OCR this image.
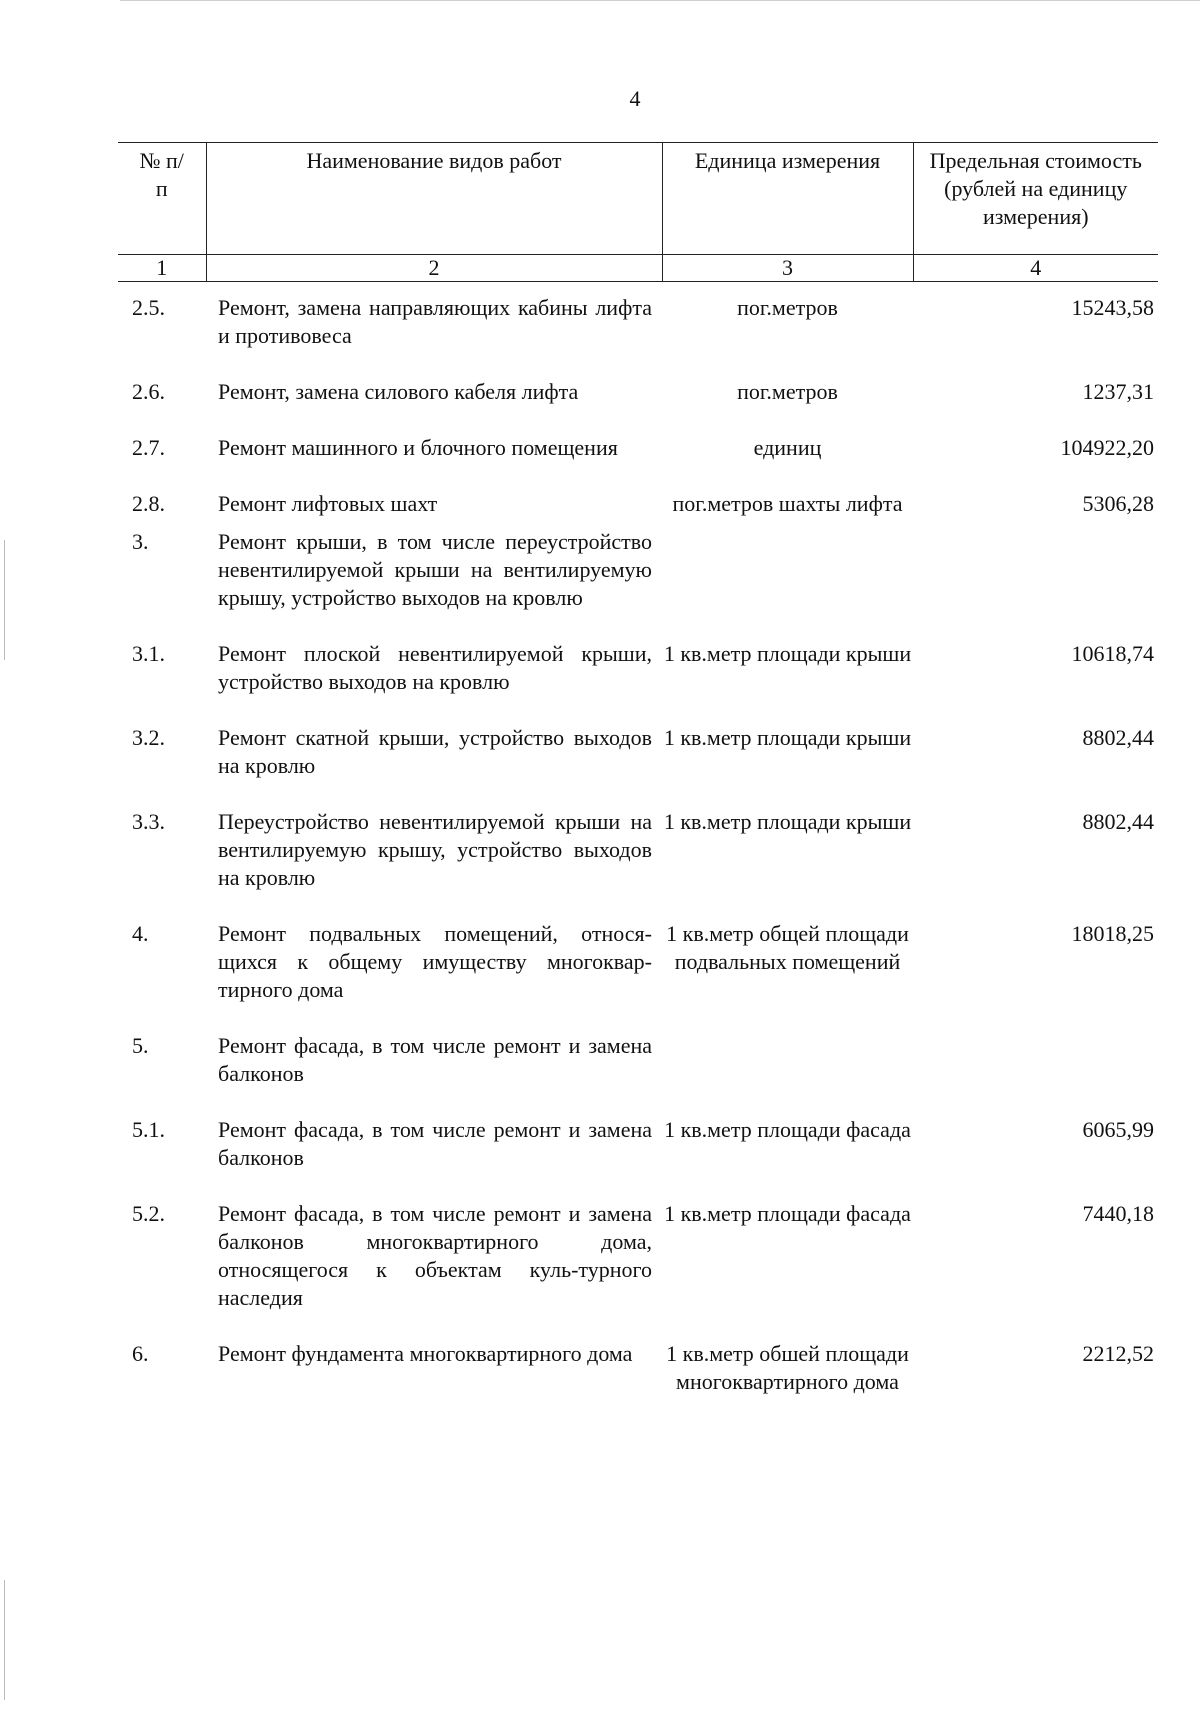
4
№ п/п	Наименование видов работ	Единица измерения	Предельная стоимость (рублей на единицу измерения)
1	2	3	4
2.5.	Ремонт, замена направляющих кабины лифта и противовеса	пог.метров	15243,58
2.6.	Ремонт, замена силового кабеля лифта	пог.метров	1237,31
2.7.	Ремонт машинного и блочного помещения	единиц	104922,20
2.8.	Ремонт лифтовых шахт	пог.метров шахты лифта	5306,28
3.	Ремонт крыши, в том числе переустройство невентилируемой крыши на вентилируемую крышу, устройство выходов на кровлю		
3.1.	Ремонт плоской невентилируемой крыши, устройство выходов на кровлю	1 кв.метр площади крыши	10618,74
3.2.	Ремонт скатной крыши, устройство выходов на кровлю	1 кв.метр площади крыши	8802,44
3.3.	Переустройство невентилируемой крыши на вентилируемую крышу, устройство выходов на кровлю	1 кв.метр площади крыши	8802,44
4.	Ремонт подвальных помещений, относя-щихся к общему имуществу многоквар-тирного дома	1 кв.метр общей площади подвальных помещений	18018,25
5.	Ремонт фасада, в том числе ремонт и замена балконов		
5.1.	Ремонт фасада, в том числе ремонт и замена балконов	1 кв.метр площади фасада	6065,99
5.2.	Ремонт фасада, в том числе ремонт и замена балконов многоквартирного дома, относящегося к объектам куль-турного наследия	1 кв.метр площади фасада	7440,18
6.	Ремонт фундамента многоквартирного дома	1 кв.метр обшей площади многоквартирного дома	2212,52
